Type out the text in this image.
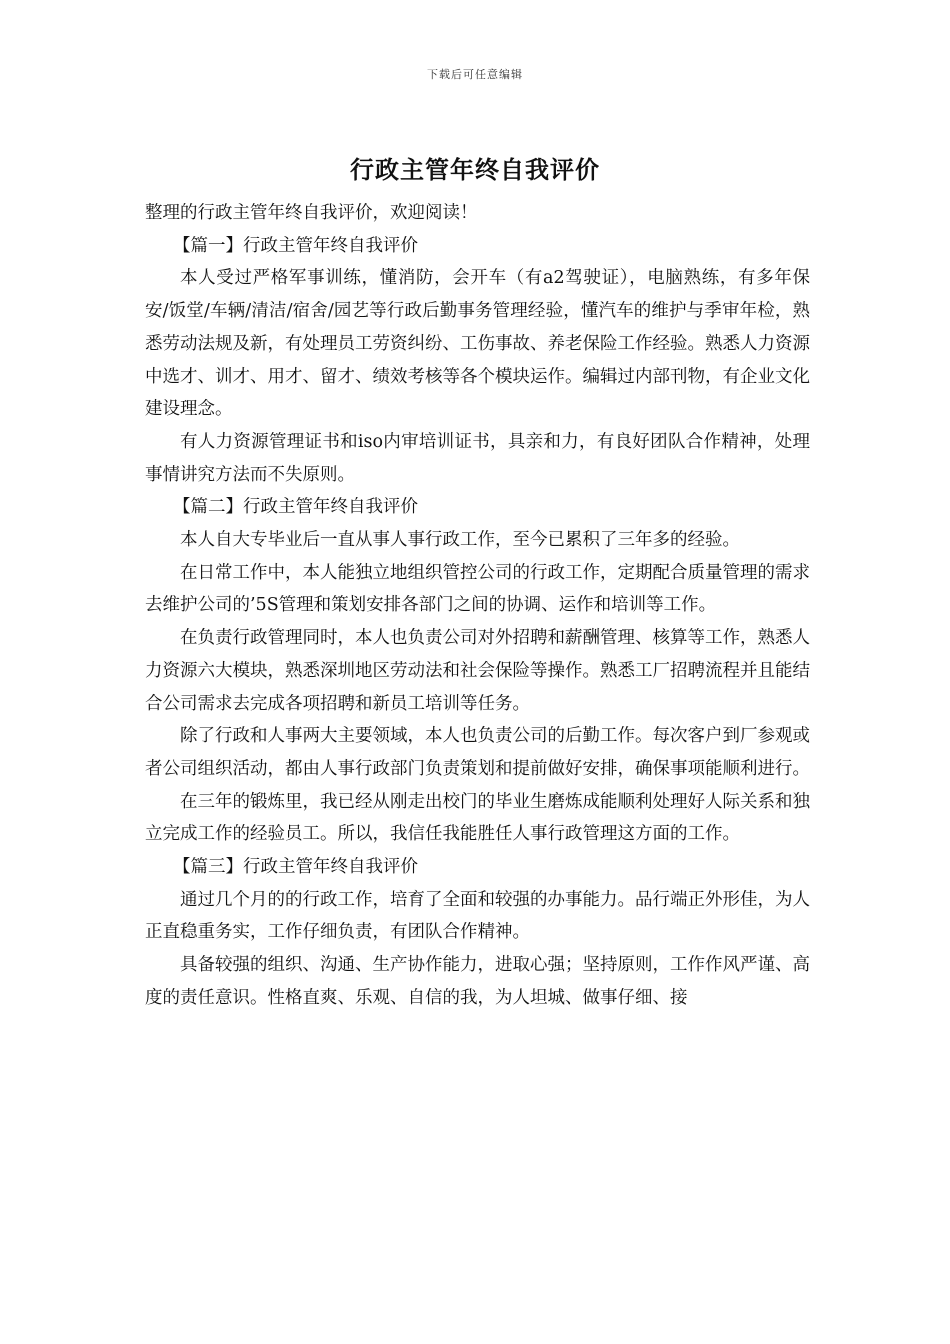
下载后可任意编辑
行政主管年终自我评价

整理的行政主管年终自我评价，欢迎阅读！

【篇一】行政主管年终自我评价

本人受过严格军事训练，懂消防，会开车（有a2驾驶证），电脑熟练，有多年保安/饭堂/车辆/清洁/宿舍/园艺等行政后勤事务管理经验，懂汽车的维护与季审年检，熟悉劳动法规及新，有处理员工劳资纠纷、工伤事故、养老保险工作经验。熟悉人力资源中选才、训才、用才、留才、绩效考核等各个模块运作。编辑过内部刊物，有企业文化建设理念。

有人力资源管理证书和iso内审培训证书，具亲和力，有良好团队合作精神，处理事情讲究方法而不失原则。

【篇二】行政主管年终自我评价

本人自大专毕业后一直从事人事行政工作，至今已累积了三年多的经验。

在日常工作中，本人能独立地组织管控公司的行政工作，定期配合质量管理的需求去维护公司的’5S管理和策划安排各部门之间的协调、运作和培训等工作。

在负责行政管理同时，本人也负责公司对外招聘和薪酬管理、核算等工作，熟悉人力资源六大模块，熟悉深圳地区劳动法和社会保险等操作。熟悉工厂招聘流程并且能结合公司需求去完成各项招聘和新员工培训等任务。

除了行政和人事两大主要领域，本人也负责公司的后勤工作。每次客户到厂参观或者公司组织活动，都由人事行政部门负责策划和提前做好安排，确保事项能顺利进行。

在三年的锻炼里，我已经从刚走出校门的毕业生磨炼成能顺利处理好人际关系和独立完成工作的经验员工。所以，我信任我能胜任人事行政管理这方面的工作。

【篇三】行政主管年终自我评价

通过几个月的的行政工作，培育了全面和较强的办事能力。品行端正外形佳，为人正直稳重务实，工作仔细负责，有团队合作精神。

具备较强的组织、沟通、生产协作能力，进取心强；坚持原则，工作作风严谨、高度的责任意识。性格直爽、乐观、自信的我，为人坦城、做事仔细、接
